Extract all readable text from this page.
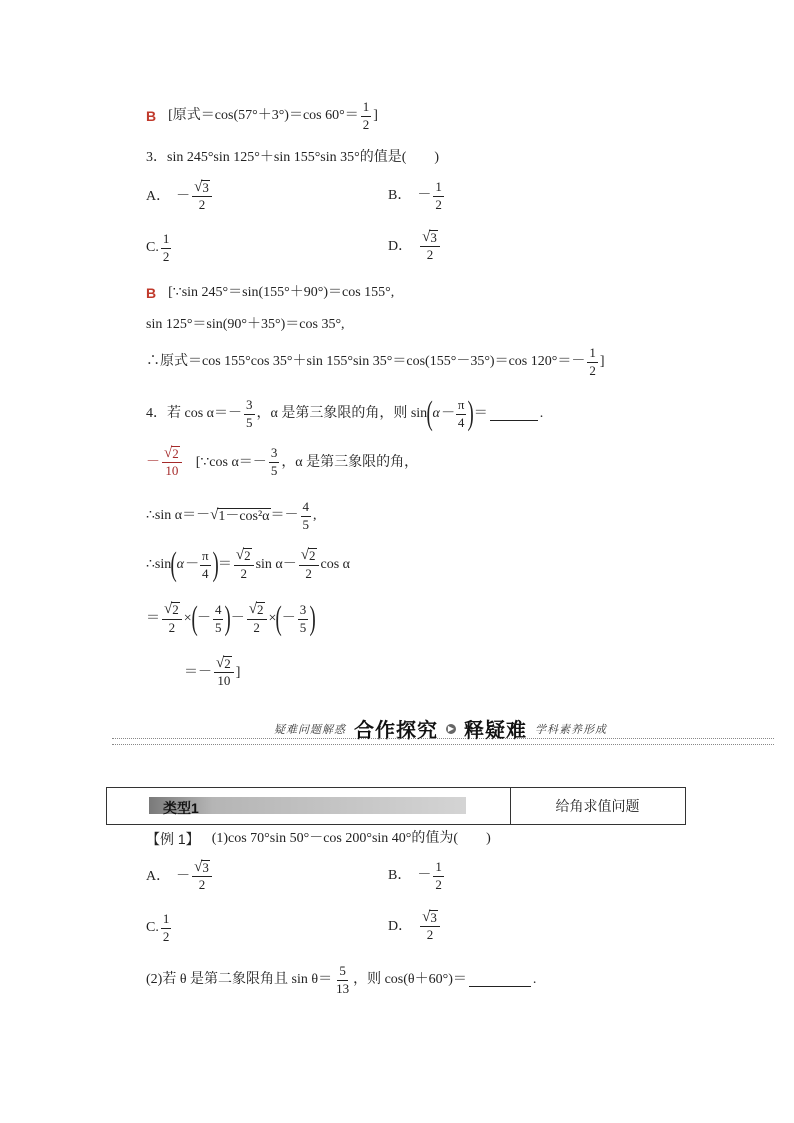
B [原式＝cos(57°＋3°)＝cos $60^\circ= \frac{1}{2}$ ]
3．sin 245°sin 125°＋sin 155°sin 35°的值是(　　)
A． － $\frac{√ 3}{2}$	B． － $\frac{1}{2}$
C. $\frac{1}{2}$	D． $\frac{√ 3}{2}$
B [∵sin 245°＝sin(155°＋90°)＝cos 155°,
sin 125°＝sin(90°＋35°)＝cos 35°,
∴原式＝cos 155°cos 35°＋sin 155°sin 35°＝cos(155°－35°)＝cos $120^\circ=- \frac{1}{2}$ ]
4．若 $\cos \alpha=- \frac{3}{5}$ ，α 是第三象限的角，则 sin ( $\alpha- \frac{\pi}{4}$ ) ＝	.
－ $\frac{√ 2}{10}$ [∵cos $\alpha=- \frac{3}{5}$ ，α 是第三象限的角，
∴sin α＝－ √ $1-\cos^2\alpha =- \frac{4}{5}$ ,
∴sin ( $\alpha- \frac{\pi}{4}$ ) ＝ $\frac{√ 2}{2}$ $\sin \alpha- \frac{√ 2}{2}$ cos α
＝ $\frac{√ 2}{2}$ × ( － $\frac{4}{5}$ ) － $\frac{√ 2}{2}$ × ( － $\frac{3}{5}$ )
＝－ $\frac{√ 2}{10}$ ]
疑难问题解惑 合作探究 ▶ 释疑难 学科素养形成
类型1	给角求值问题
【例 1】 (1)cos 70°sin 50°－cos 200°sin 40°的值为(　　)
A． － $\frac{√ 3}{2}$	B． － $\frac{1}{2}$
C. $\frac{1}{2}$	D． $\frac{√ 3}{2}$
(2)若 θ 是第二象限角且 $\sin \theta= \frac{5}{13}$ ，则 cos(θ＋60°)＝	.
